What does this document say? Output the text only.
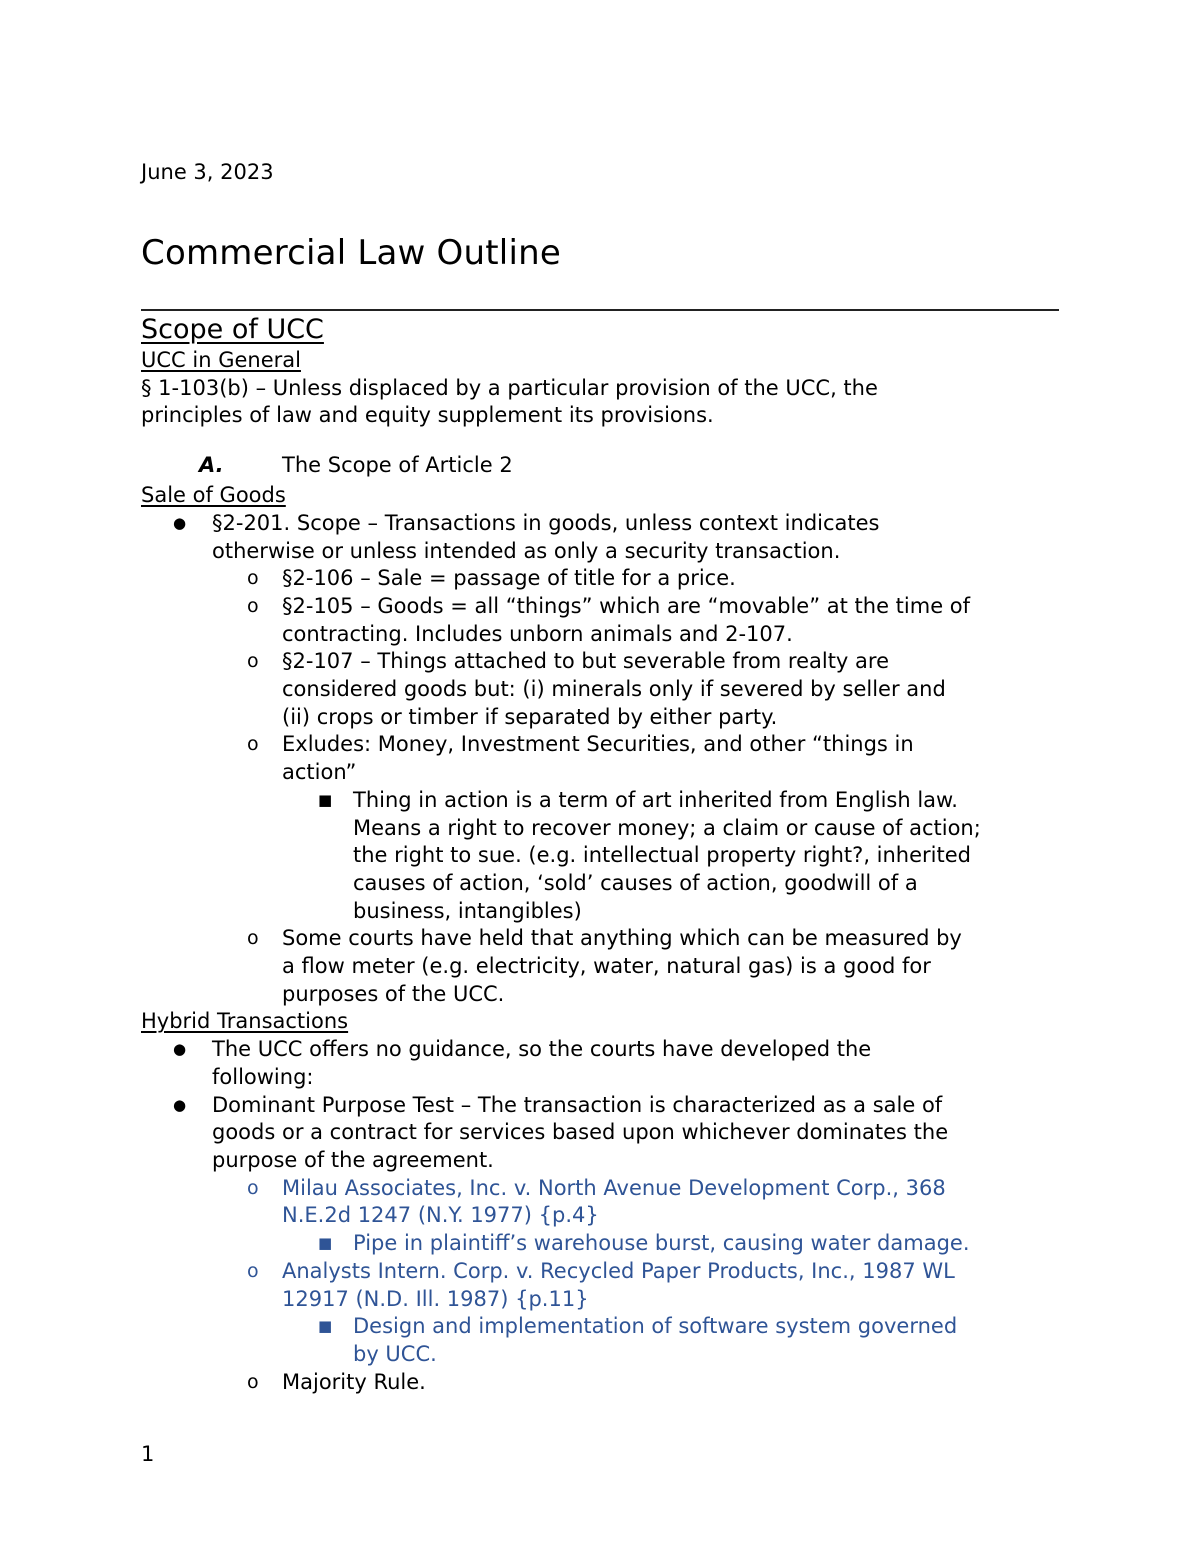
June 3, 2023
Commercial Law Outline
Scope of UCC
UCC in General
§ 1-103(b) – Unless displaced by a particular provision of the UCC, the
principles of law and equity supplement its provisions.
A.	The Scope of Article 2
Sale of Goods
● §2-201. Scope – Transactions in goods, unless context indicates
otherwise or unless intended as only a security transaction.
o §2-106 – Sale = passage of title for a price.
o §2-105 – Goods = all “things” which are “movable” at the time of
contracting. Includes unborn animals and 2-107.
o §2-107 – Things attached to but severable from realty are
considered goods but: (i) minerals only if severed by seller and
(ii) crops or timber if separated by either party.
o Exludes: Money, Investment Securities, and other “things in
action”
■ Thing in action is a term of art inherited from English law.
Means a right to recover money; a claim or cause of action;
the right to sue. (e.g. intellectual property right?, inherited
causes of action, ‘sold’ causes of action, goodwill of a
business, intangibles)
o Some courts have held that anything which can be measured by
a flow meter (e.g. electricity, water, natural gas) is a good for
purposes of the UCC.
Hybrid Transactions
● The UCC offers no guidance, so the courts have developed the
following:
● Dominant Purpose Test – The transaction is characterized as a sale of
goods or a contract for services based upon whichever dominates the
purpose of the agreement.
o Milau Associates, Inc. v. North Avenue Development Corp., 368
N.E.2d 1247 (N.Y. 1977) {p.4}
■ Pipe in plaintiff’s warehouse burst, causing water damage.
o Analysts Intern. Corp. v. Recycled Paper Products, Inc., 1987 WL
12917 (N.D. Ill. 1987) {p.11}
■ Design and implementation of software system governed
by UCC.
o Majority Rule.
1
